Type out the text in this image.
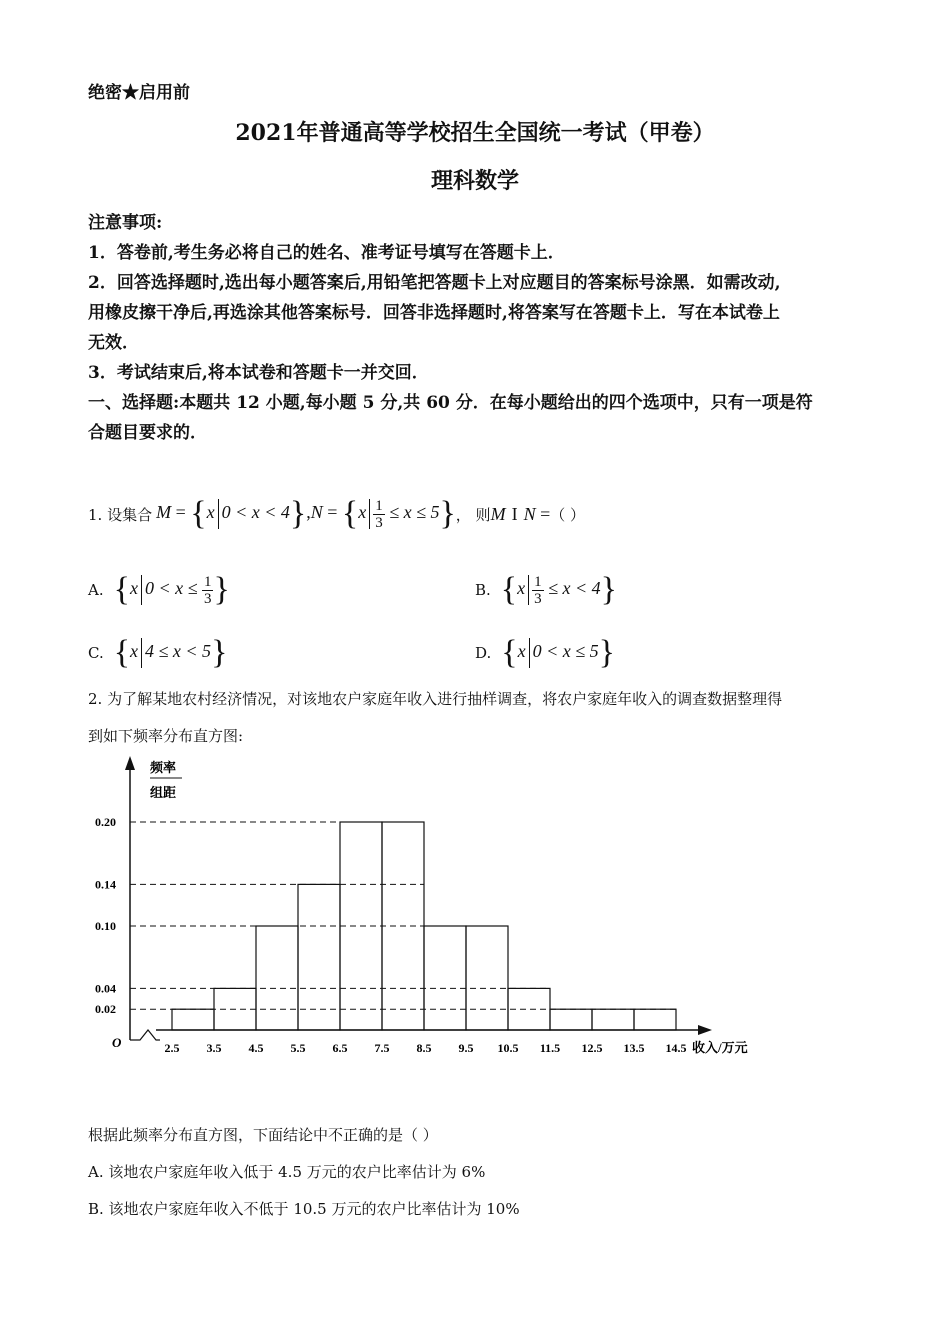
绝密★启用前
2021年普通高等学校招生全国统一考试（甲卷）
理科数学
注意事项:
1．答卷前,考生务必将自己的姓名、准考证号填写在答题卡上．
2．回答选择题时,选出每小题答案后,用铅笔把答题卡上对应题目的答案标号涂黑．如需改动,
用橡皮擦干净后,再选涂其他答案标号．回答非选择题时,将答案写在答题卡上．写在本试卷上
无效．
3．考试结束后,将本试卷和答题卡一并交回．
一、选择题:本题共 12 小题,每小题 5 分,共 60 分．在每小题给出的四个选项中，只有一项是符
合题目要求的．
1. 设集合 M = {x 0 < x < 4}, $N = \{x \frac{1}{3} \le x \le 5\}$ ， 则 M I N = （ ）
A. {x $0 < x \le \frac{1}{3}$ }	B. $\{x \frac{1}{3} \le x < 4\}$
C. {x 4 ≤ x < 5}	D. {x 0 < x ≤ 5}
2. 为了解某地农村经济情况，对该地农户家庭年收入进行抽样调查，将农户家庭年收入的调查数据整理得
到如下频率分布直方图:
频率
组距
O	收入/万元
0.02
0.04
0.10
0.14
0.20
2.5 3.5 4.5 5.5 6.5 7.5 8.5 9.5 10.5 11.5 12.5 13.5 14.5
根据此频率分布直方图，下面结论中不正确的是（ ）
A. 该地农户家庭年收入低于 4.5 万元的农户比率估计为 6%
B. 该地农户家庭年收入不低于 10.5 万元的农户比率估计为 10%
